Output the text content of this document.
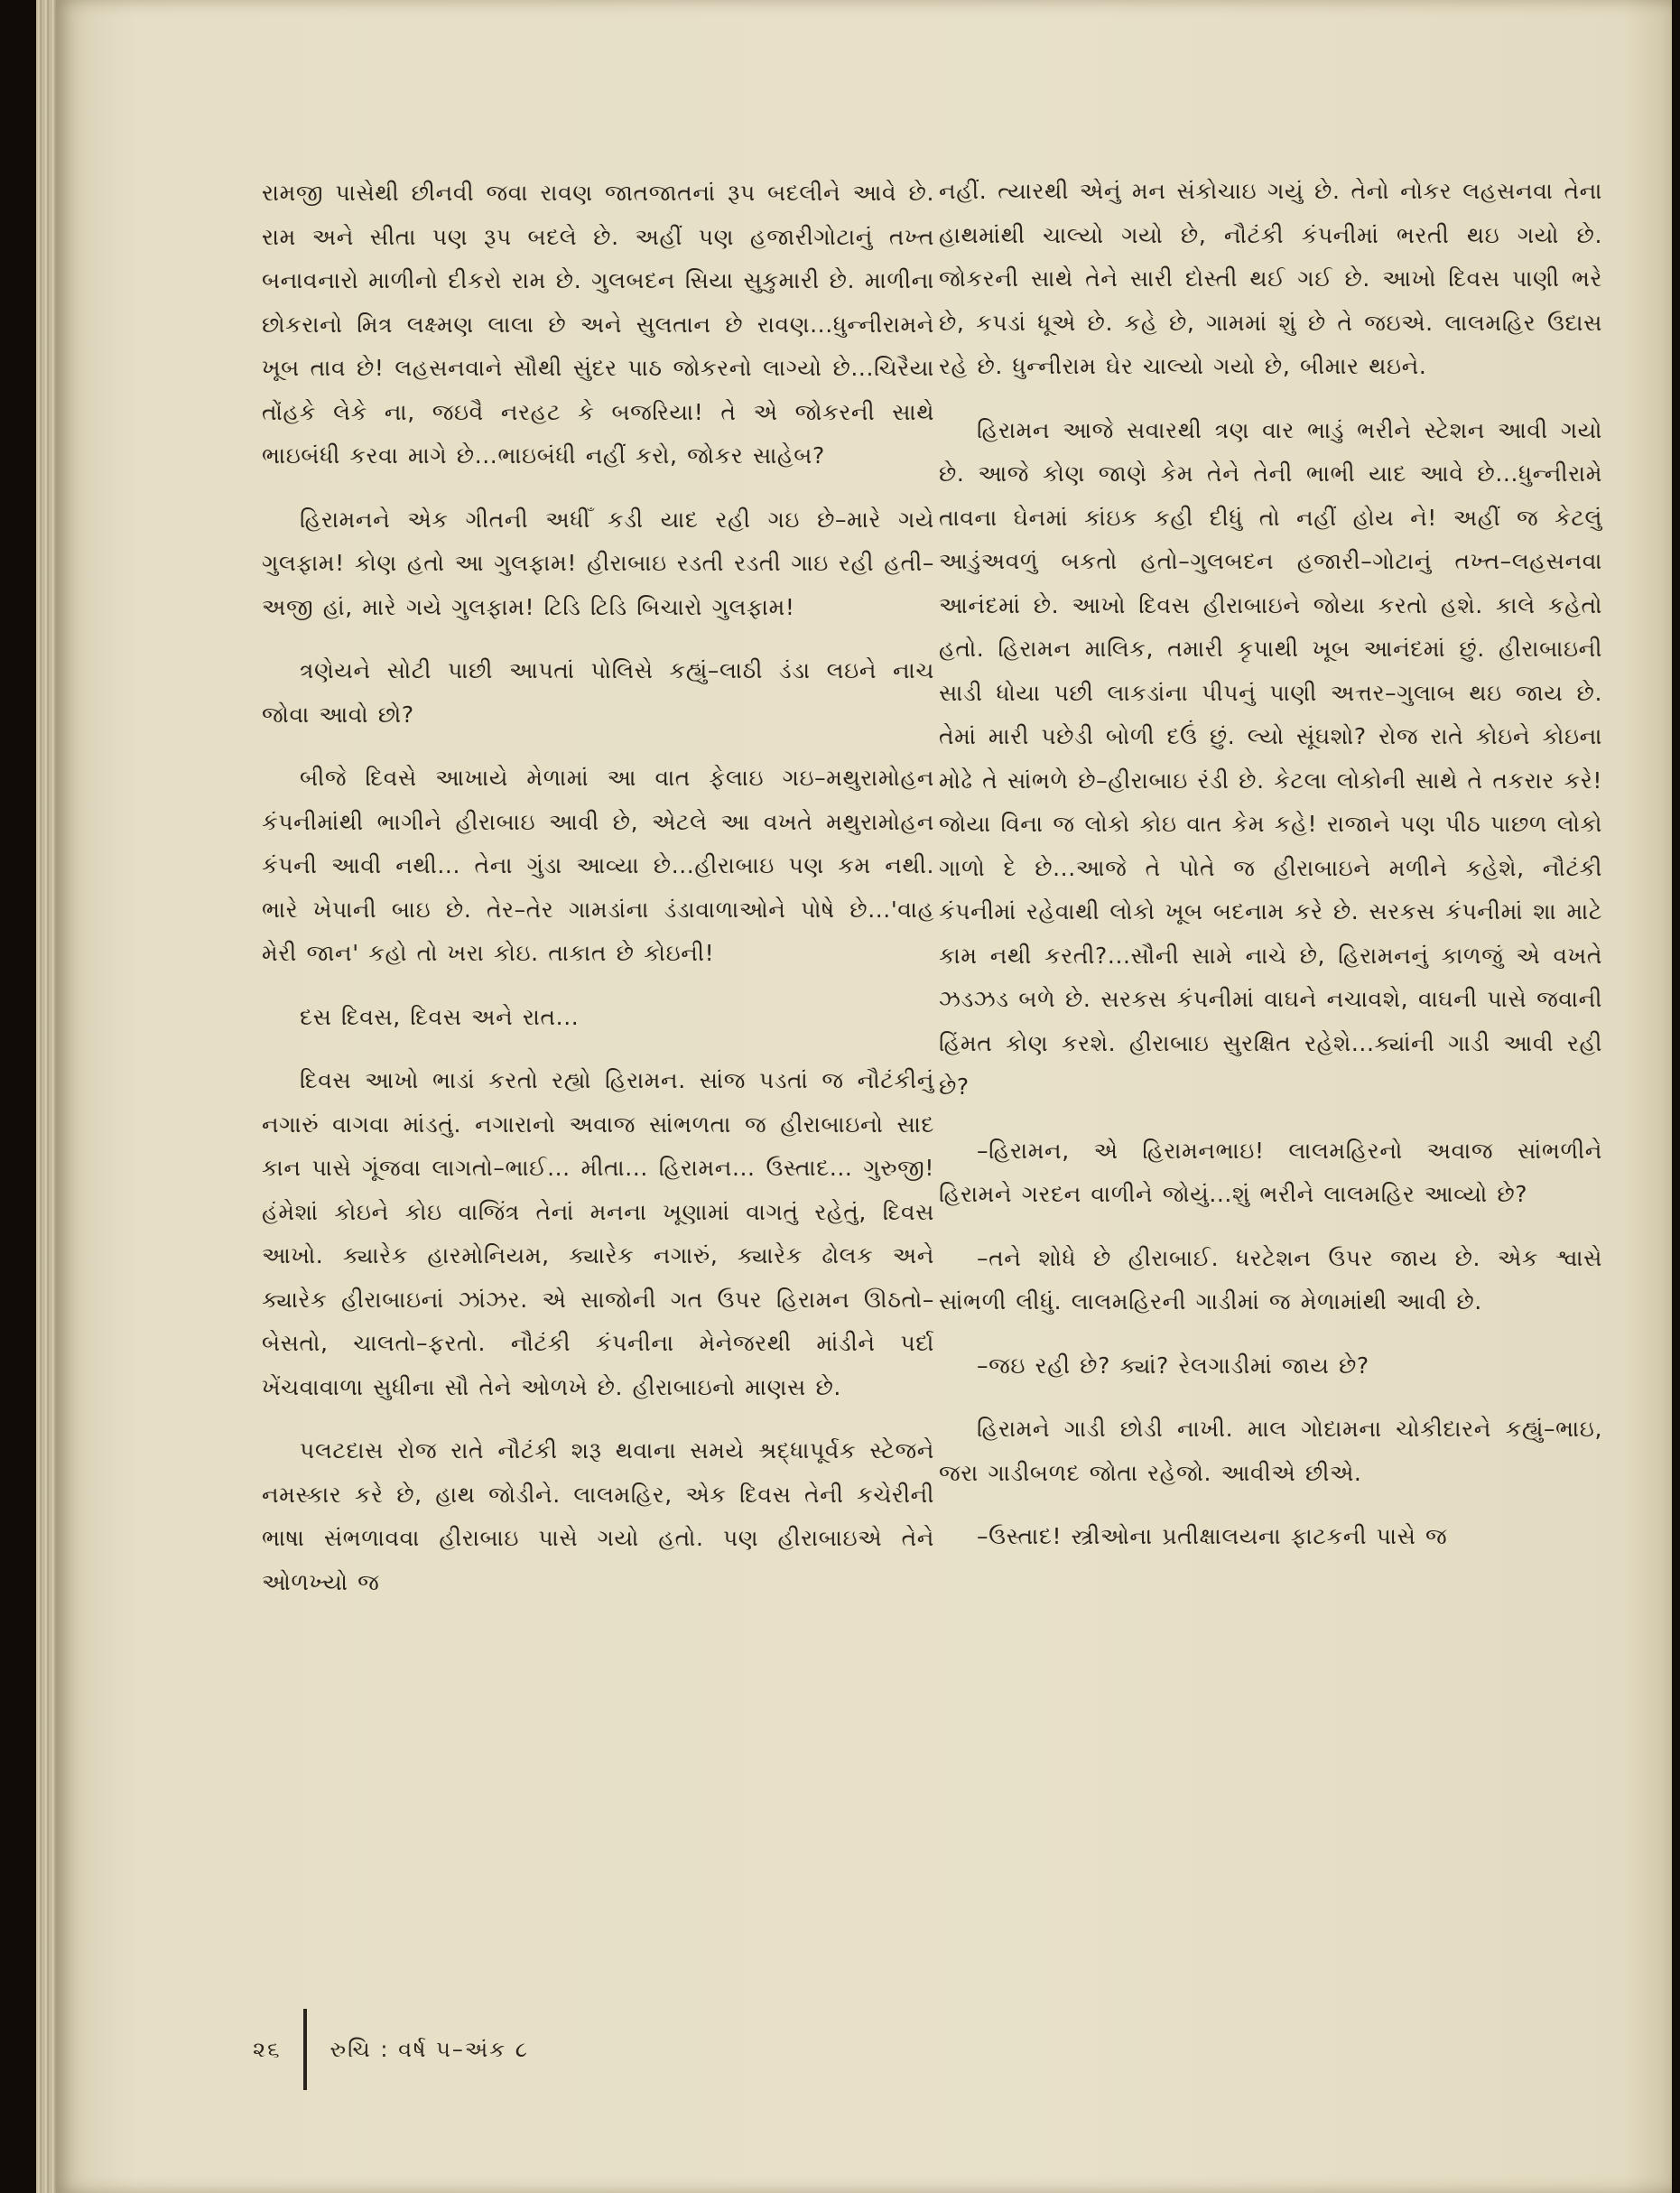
રામજી પાસેથી છીનવી જવા રાવણ જાતજાતનાં રૂપ બદલીને આવે છે. રામ અને સીતા પણ રૂપ બદલે છે. અહીં પણ હજારીગોટાનું તખ્ત બનાવનારો માળીનો દીકરો રામ છે. ગુલબદન સિયા સુકુમારી છે. માળીના છોકરાનો મિત્ર લક્ષ્મણ લાલા છે અને સુલતાન છે રાવણ...ધુન્નીરામને ખૂબ તાવ છે! લહસનવાને સૌથી સુંદર પાઠ જોકરનો લાગ્યો છે...ચિરૈયા તોંહકે લેકે ના, જઇવૈ નરહટ કે બજરિયા! તે એ જોકરની સાથે ભાઇબંધી કરવા માગે છે...ભાઇબંધી નહીં કરો, જોકર સાહેબ?

હિરામનને એક ગીતની અધીઁ કડી યાદ રહી ગઇ છે–મારે ગયે ગુલફામ! કોણ હતો આ ગુલફામ! હીરાબાઇ રડતી રડતી ગાઇ રહી હતી–અજી હાં, મારે ગયે ગુલફામ! ટિડિ ટિડિ બિચારો ગુલફામ!

ત્રણેયને સોટી પાછી આપતાં પોલિસે કહ્યું–લાઠી ડંડા લઇને નાચ જોવા આવો છો?

બીજે દિવસે આખાયે મેળામાં આ વાત ફેલાઇ ગઇ–મથુરામોહન કંપનીમાંથી ભાગીને હીરાબાઇ આવી છે, એટલે આ વખતે મથુરામોહન કંપની આવી નથી... તેના ગુંડા આવ્યા છે...હીરાબાઇ પણ કમ નથી. ભારે ખેપાની બાઇ છે. તેર–તેર ગામડાંના ડંડાવાળાઓને પોષે છે...'વાહ મેરી જાન' કહો તો ખરા કોઇ. તાકાત છે કોઇની!

દસ દિવસ, દિવસ અને રાત...

દિવસ આખો ભાડાં કરતો રહ્યો હિરામન. સાંજ પડતાં જ નૌટંકીનું નગારું વાગવા માંડતું. નગારાનો અવાજ સાંભળતા જ હીરાબાઇનો સાદ કાન પાસે ગૂંજવા લાગતો–ભાઈ... મીતા... હિરામન... ઉસ્તાદ... ગુરુજી! હંમેશાં કોઇને કોઇ વાજિંત્ર તેનાં મનના ખૂણામાં વાગતું રહેતું, દિવસ આખો. ક્યારેક હારમોનિયમ, ક્યારેક નગારું, ક્યારેક ઢોલક અને ક્યારેક હીરાબાઇનાં ઝાંઝર. એ સાજોની ગત ઉપર હિરામન ઊઠતો–બેસતો, ચાલતો–ફરતો. નૌટંકી કંપનીના મેનેજરથી માંડીને પર્દા ખેંચવાવાળા સુધીના સૌ તેને ઓળખે છે. હીરાબાઇનો માણસ છે.

પલટદાસ રોજ રાતે નૌટંકી શરૂ થવાના સમયે શ્રદ્ધાપૂર્વક સ્ટેજને નમસ્કાર કરે છે, હાથ જોડીને. લાલમહિર, એક દિવસ તેની કચેરીની ભાષા સંભળાવવા હીરાબાઇ પાસે ગયો હતો. પણ હીરાબાઇએ તેને ઓળખ્યો જ

નહીં. ત્યારથી એનું મન સંકોચાઇ ગયું છે. તેનો નોકર લહસનવા તેના હાથમાંથી ચાલ્યો ગયો છે, નૌટંકી કંપનીમાં ભરતી થઇ ગયો છે. જોકરની સાથે તેને સારી દોસ્તી થઈ ગઈ છે. આખો દિવસ પાણી ભરે છે, કપડાં ધૂએ છે. કહે છે, ગામમાં શું છે તે જઇએ. લાલમહિર ઉદાસ રહે છે. ધુન્નીરામ ઘેર ચાલ્યો ગયો છે, બીમાર થઇને.

હિરામન આજે સવારથી ત્રણ વાર ભાડું ભરીને સ્ટેશન આવી ગયો છે. આજે કોણ જાણે કેમ તેને તેની ભાભી યાદ આવે છે...ધુન્નીરામે તાવના ઘેનમાં કાંઇક કહી દીધું તો નહીં હોય ને! અહીં જ કેટલું આડુંઅવળું બકતો હતો–ગુલબદન હજારી–ગોટાનું તખ્ત–લહસનવા આનંદમાં છે. આખો દિવસ હીરાબાઇને જોયા કરતો હશે. કાલે કહેતો હતો. હિરામન માલિક, તમારી કૃપાથી ખૂબ આનંદમાં છું. હીરાબાઇની સાડી ધોયા પછી લાકડાંના પીપનું પાણી અત્તર–ગુલાબ થઇ જાય છે. તેમાં મારી પછેડી બોળી દઉં છું. લ્યો સૂંઘશો? રોજ રાતે કોઇને કોઇના મોઢે તે સાંભળે છે–હીરાબાઇ રંડી છે. કેટલા લોકોની સાથે તે તકરાર કરે! જોયા વિના જ લોકો કોઇ વાત કેમ કહે! રાજાને પણ પીઠ પાછળ લોકો ગાળો દે છે...આજે તે પોતે જ હીરાબાઇને મળીને કહેશે, નૌટંકી કંપનીમાં રહેવાથી લોકો ખૂબ બદનામ કરે છે. સરકસ કંપનીમાં શા માટે કામ નથી કરતી?...સૌની સામે નાચે છે, હિરામનનું કાળજું એ વખતે ઝડઝડ બળે છે. સરકસ કંપનીમાં વાઘને નચાવશે, વાઘની પાસે જવાની હિંમત કોણ કરશે. હીરાબાઇ સુરક્ષિત રહેશે...ક્યાંની ગાડી આવી રહી છે?

–હિરામન, એ હિરામનભાઇ! લાલમહિરનો અવાજ સાંભળીને હિરામને ગરદન વાળીને જોયું...શું ભરીને લાલમહિર આવ્યો છે?

–તને શોધે છે હીરાબાઈ. ધરટેશન ઉપર જાય છે. એક શ્વાસે સાંભળી લીધું. લાલમહિરની ગાડીમાં જ મેળામાંથી આવી છે.

–જઇ રહી છે? ક્યાં? રેલગાડીમાં જાય છે?

હિરામને ગાડી છોડી નાખી. માલ ગોદામના ચોકીદારને કહ્યું–ભાઇ, જરા ગાડીબળદ જોતા રહેજો. આવીએ છીએ.

–ઉસ્તાદ! સ્ત્રીઓના પ્રતીક્ષાલયના ફાટકની પાસે જ

૨૬ રુચિ : વર્ષ ૫–અંક ૮
